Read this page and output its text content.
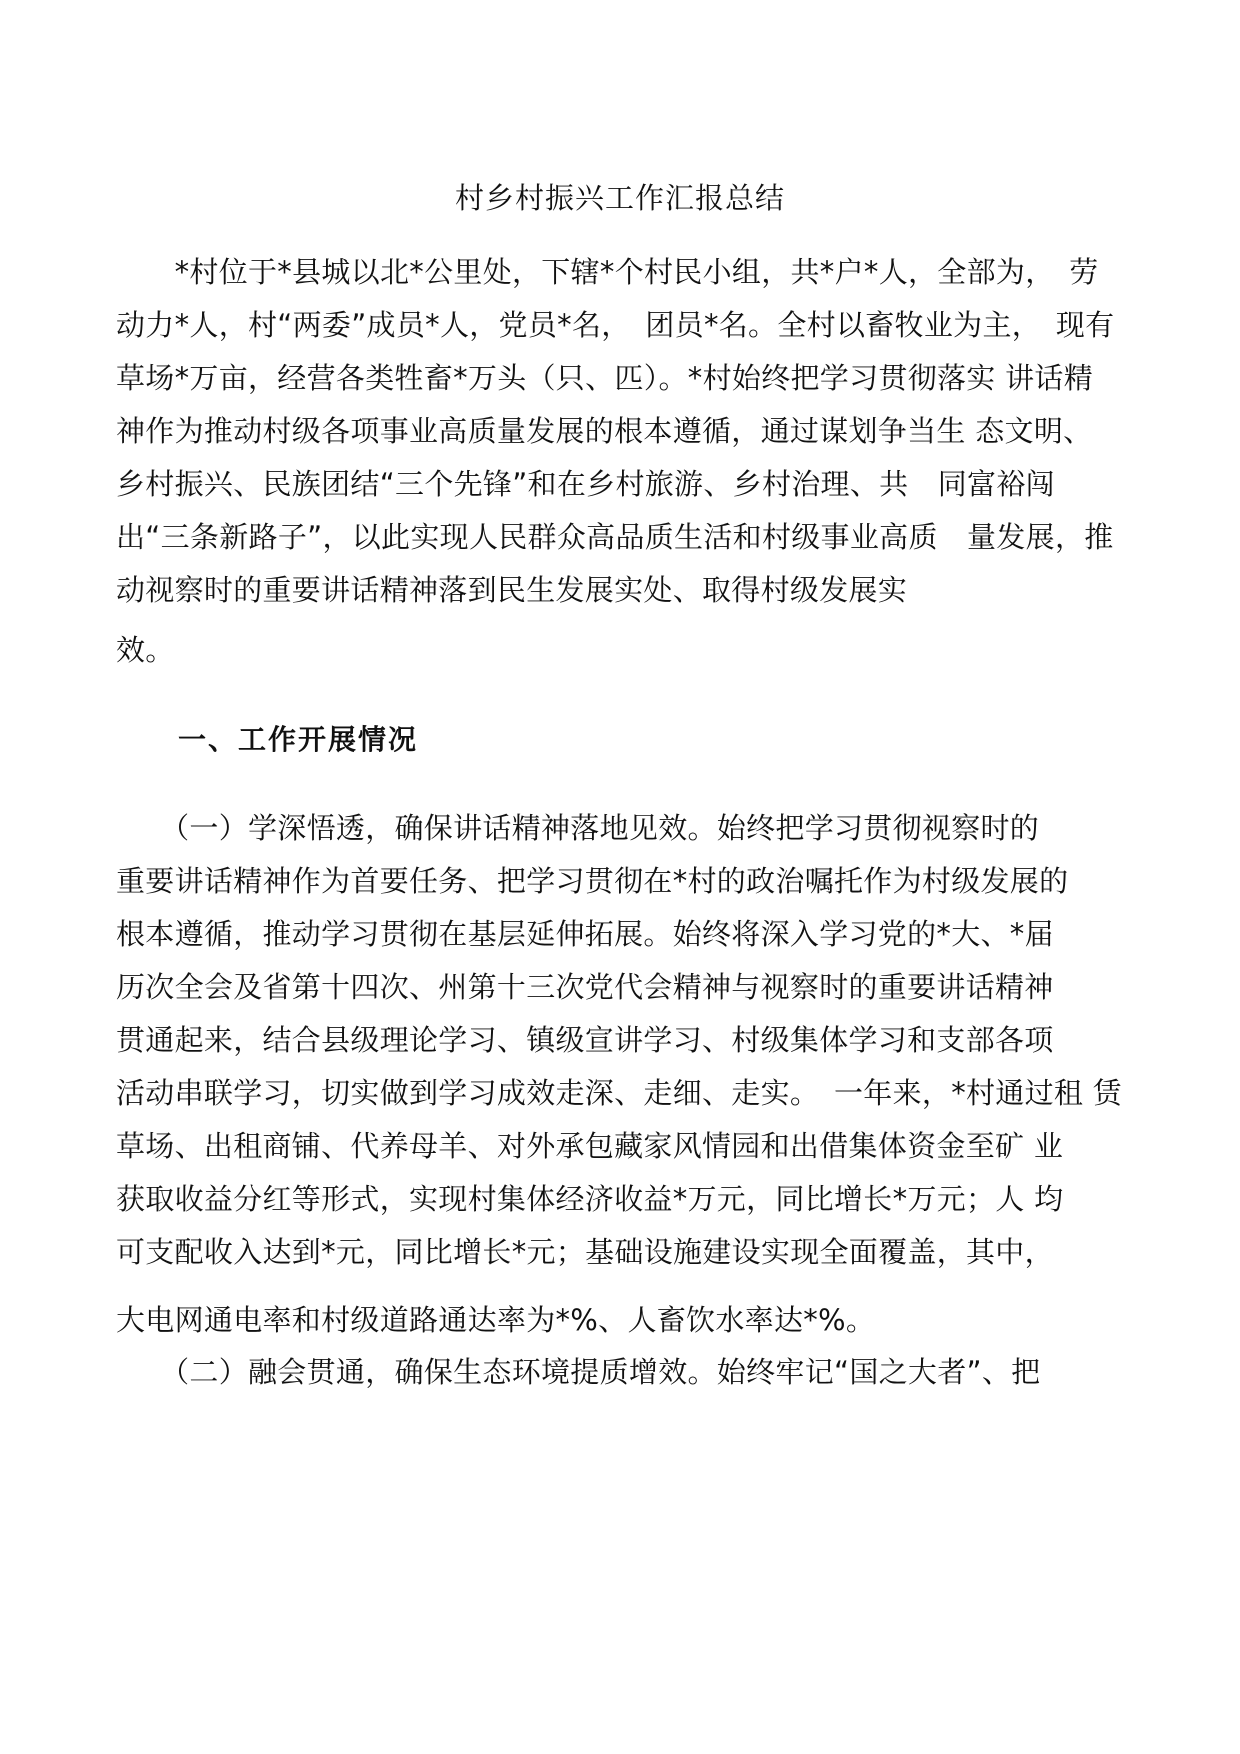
村乡村振兴工作汇报总结
　　*村位于*县城以北*公里处，下辖*个村民小组，共*户*人，全部为，　劳
动力*人，村“两委”成员*人，党员*名，　团员*名。全村以畜牧业为主，　现有
草场*万亩，经营各类牲畜*万头（只、匹）。*村始终把学习贯彻落实 讲话精
神作为推动村级各项事业高质量发展的根本遵循，通过谋划争当生 态文明、
乡村振兴、民族团结“三个先锋”和在乡村旅游、乡村治理、共　同富裕闯
出“三条新路子”，以此实现人民群众高品质生活和村级事业高质　量发展，推
动视察时的重要讲话精神落到民生发展实处、取得村级发展实
效。
一、工作开展情况
　　（一）学深悟透，确保讲话精神落地见效。始终把学习贯彻视察时的
重要讲话精神作为首要任务、把学习贯彻在*村的政治嘱托作为村级发展的
根本遵循，推动学习贯彻在基层延伸拓展。始终将深入学习党的*大、*届
历次全会及省第十四次、州第十三次党代会精神与视察时的重要讲话精神
贯通起来，结合县级理论学习、镇级宣讲学习、村级集体学习和支部各项
活动串联学习，切实做到学习成效走深、走细、走实。　一年来，*村通过租 赁
草场、出租商铺、代养母羊、对外承包藏家风情园和出借集体资金至矿 业
获取收益分红等形式，实现村集体经济收益*万元，同比增长*万元；人 均
可支配收入达到*元，同比增长*元；基础设施建设实现全面覆盖，其中，
大电网通电率和村级道路通达率为*%、人畜饮水率达*%。
　　（二）融会贯通，确保生态环境提质增效。始终牢记“国之大者”、把
